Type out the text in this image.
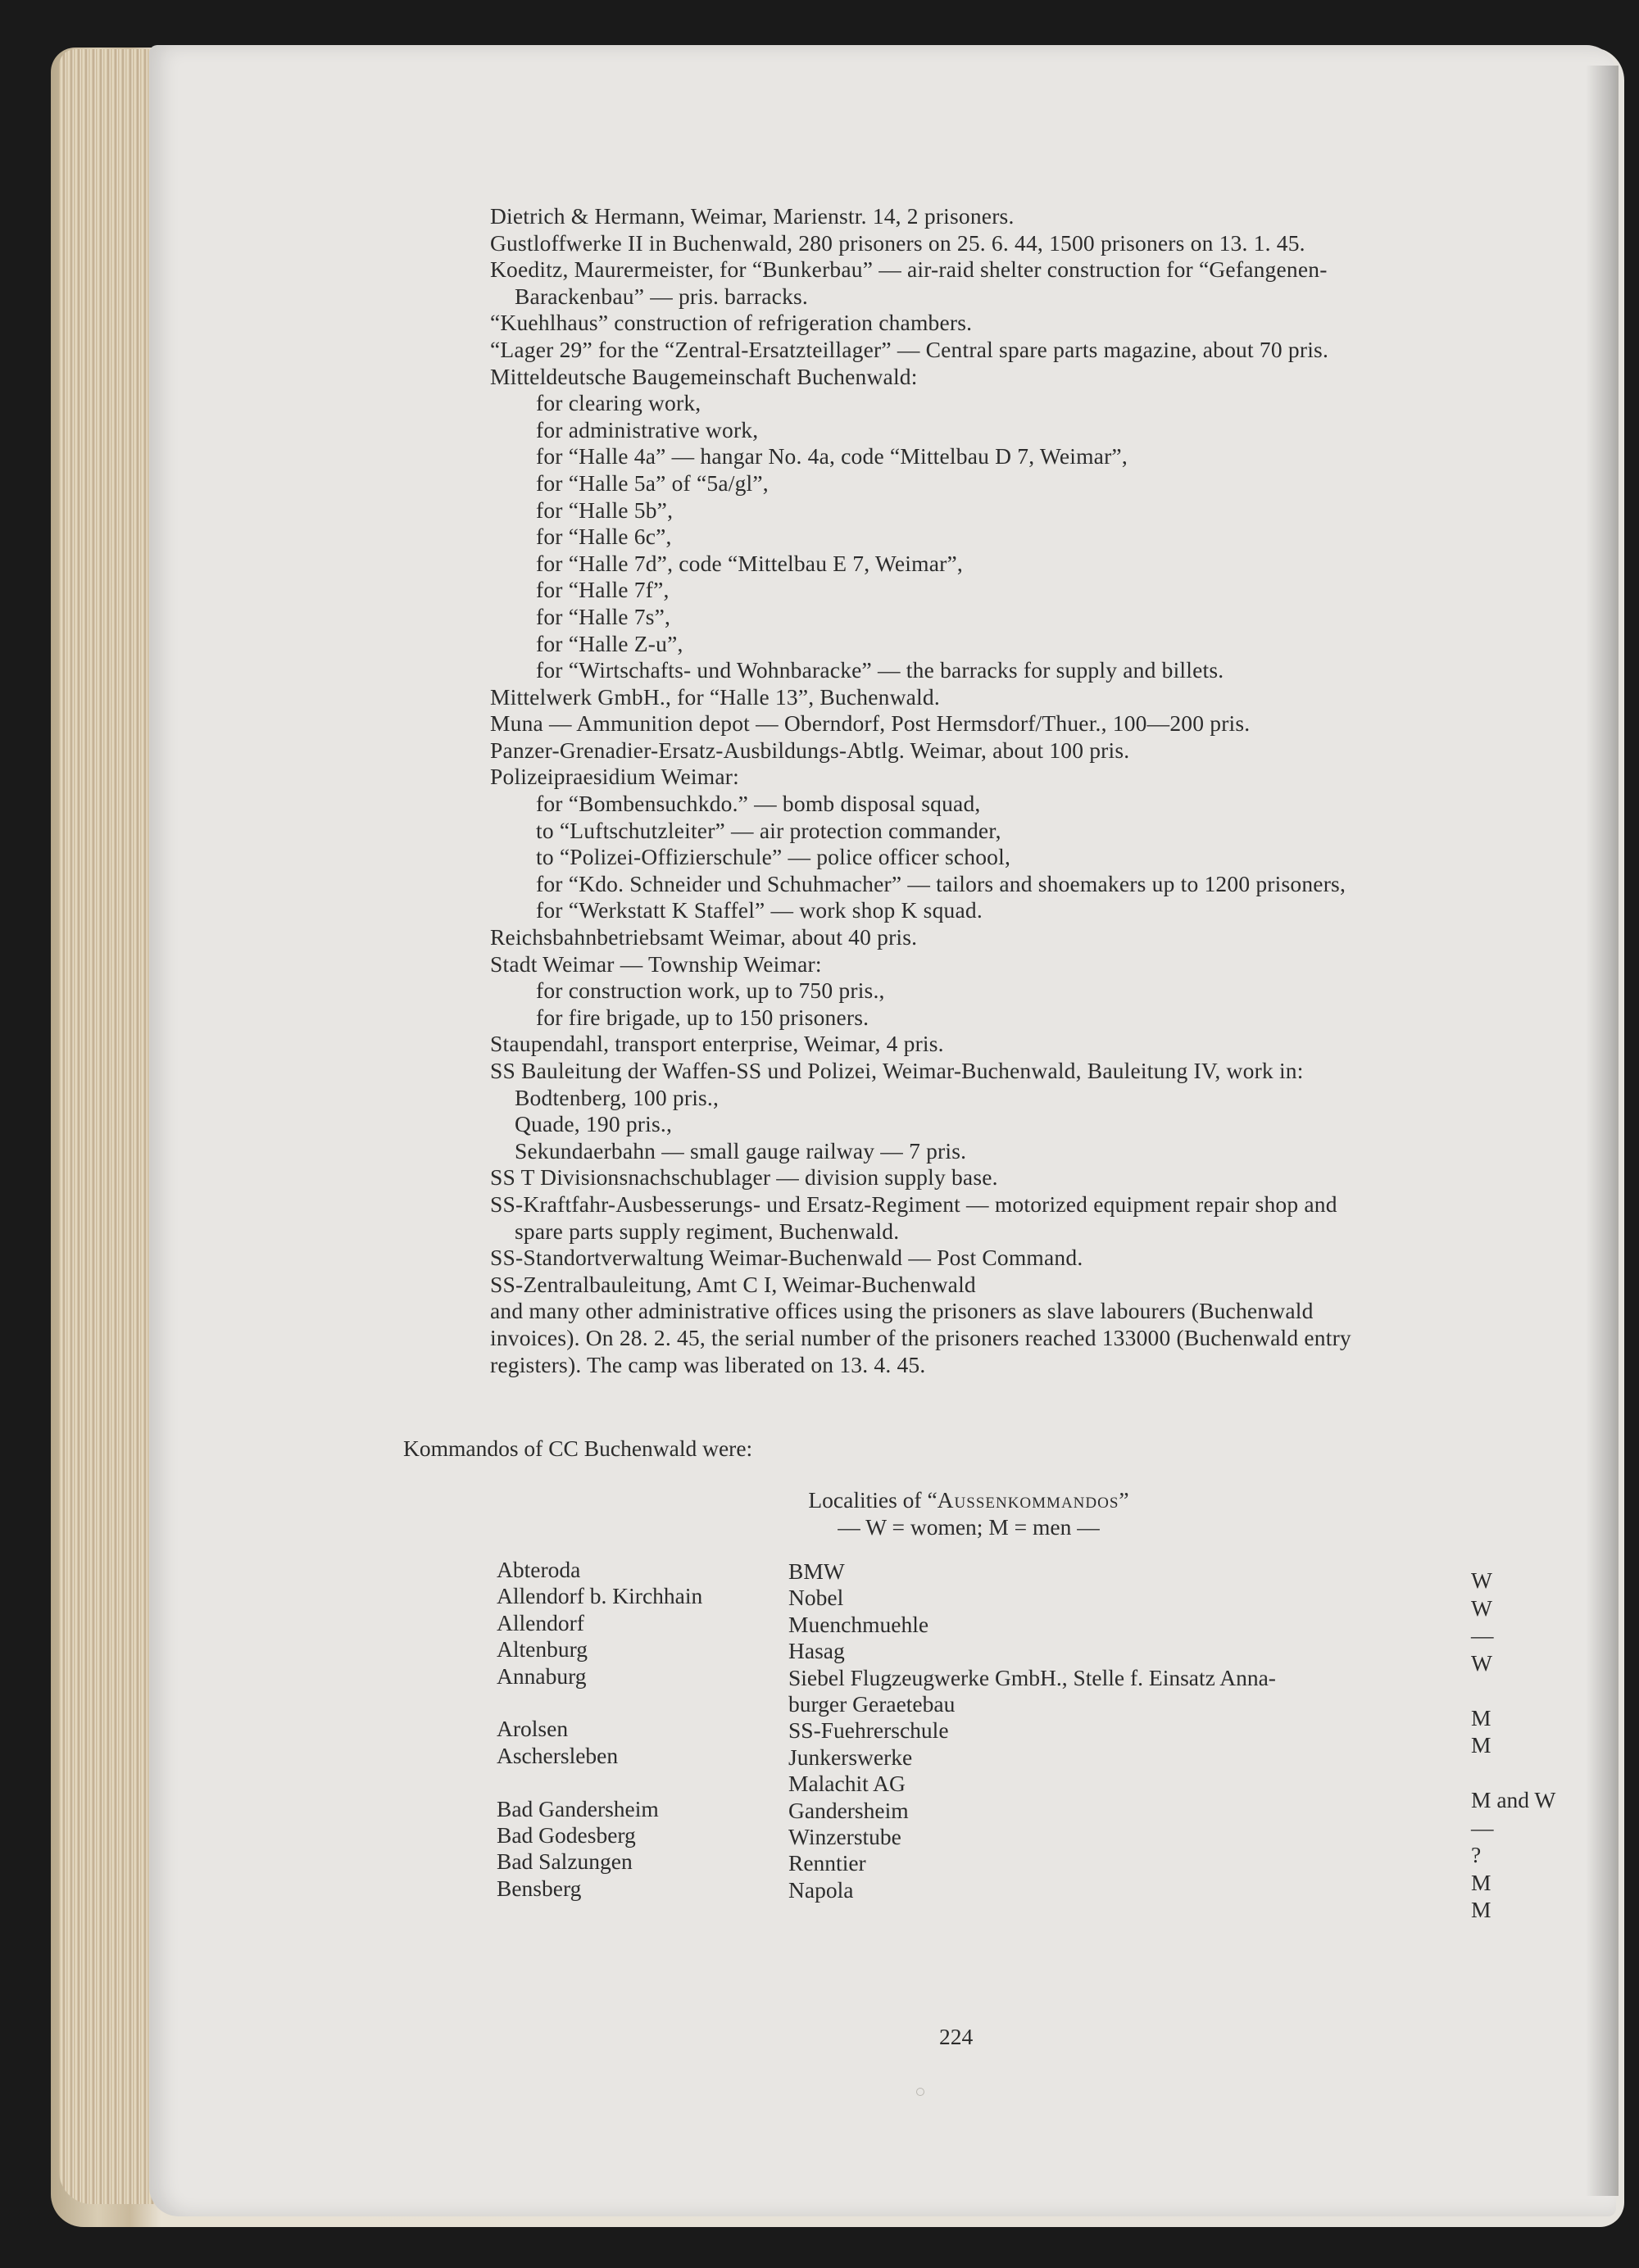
Dietrich & Hermann, Weimar, Marienstr. 14, 2 prisoners.
Gustloffwerke II in Buchenwald, 280 prisoners on 25. 6. 44, 1500 prisoners on 13. 1. 45.
Koeditz, Maurermeister, for “Bunkerbau” — air-raid shelter construction for “Gefangenen-
Barackenbau” — pris. barracks.
“Kuehlhaus” construction of refrigeration chambers.
“Lager 29” for the “Zentral-Ersatzteillager” — Central spare parts magazine, about 70 pris.
Mitteldeutsche Baugemeinschaft Buchenwald:
for clearing work,
for administrative work,
for “Halle 4a” — hangar No. 4a, code “Mittelbau D 7, Weimar”,
for “Halle 5a” of “5a/gl”,
for “Halle 5b”,
for “Halle 6c”,
for “Halle 7d”, code “Mittelbau E 7, Weimar”,
for “Halle 7f”,
for “Halle 7s”,
for “Halle Z-u”,
for “Wirtschafts- und Wohnbaracke” — the barracks for supply and billets.
Mittelwerk GmbH., for “Halle 13”, Buchenwald.
Muna — Ammunition depot — Oberndorf, Post Hermsdorf/Thuer., 100—200 pris.
Panzer-Grenadier-Ersatz-Ausbildungs-Abtlg. Weimar, about 100 pris.
Polizeipraesidium Weimar:
for “Bombensuchkdo.” — bomb disposal squad,
to “Luftschutzleiter” — air protection commander,
to “Polizei-Offizierschule” — police officer school,
for “Kdo. Schneider und Schuhmacher” — tailors and shoemakers up to 1200 prisoners,
for “Werkstatt K Staffel” — work shop K squad.
Reichsbahnbetriebsamt Weimar, about 40 pris.
Stadt Weimar — Township Weimar:
for construction work, up to 750 pris.,
for fire brigade, up to 150 prisoners.
Staupendahl, transport enterprise, Weimar, 4 pris.
SS Bauleitung der Waffen-SS und Polizei, Weimar-Buchenwald, Bauleitung IV, work in:
Bodtenberg, 100 pris.,
Quade, 190 pris.,
Sekundaerbahn — small gauge railway — 7 pris.
SS T Divisionsnachschublager — division supply base.
SS-Kraftfahr-Ausbesserungs- und Ersatz-Regiment — motorized equipment repair shop and
spare parts supply regiment, Buchenwald.
SS-Standortverwaltung Weimar-Buchenwald — Post Command.
SS-Zentralbauleitung, Amt C I, Weimar-Buchenwald
and many other administrative offices using the prisoners as slave labourers (Buchenwald
invoices). On 28. 2. 45, the serial number of the prisoners reached 133000 (Buchenwald entry
registers). The camp was liberated on 13. 4. 45.
Kommandos of CC Buchenwald were:
Localities of “Aussenkommandos”
— W = women; M = men —
Abteroda
Allendorf b. Kirchhain
Allendorf
Altenburg
Annaburg
Arolsen
Aschersleben
Bad Gandersheim
Bad Godesberg
Bad Salzungen
Bensberg
BMW
Nobel
Muenchmuehle
Hasag
Siebel Flugzeugwerke GmbH., Stelle f. Einsatz Anna-
burger Geraetebau
SS-Fuehrerschule
Junkerswerke
Malachit AG
Gandersheim
Winzerstube
Renntier
Napola
W
W
—
W
M
M
M and W
—
?
M
M
224
